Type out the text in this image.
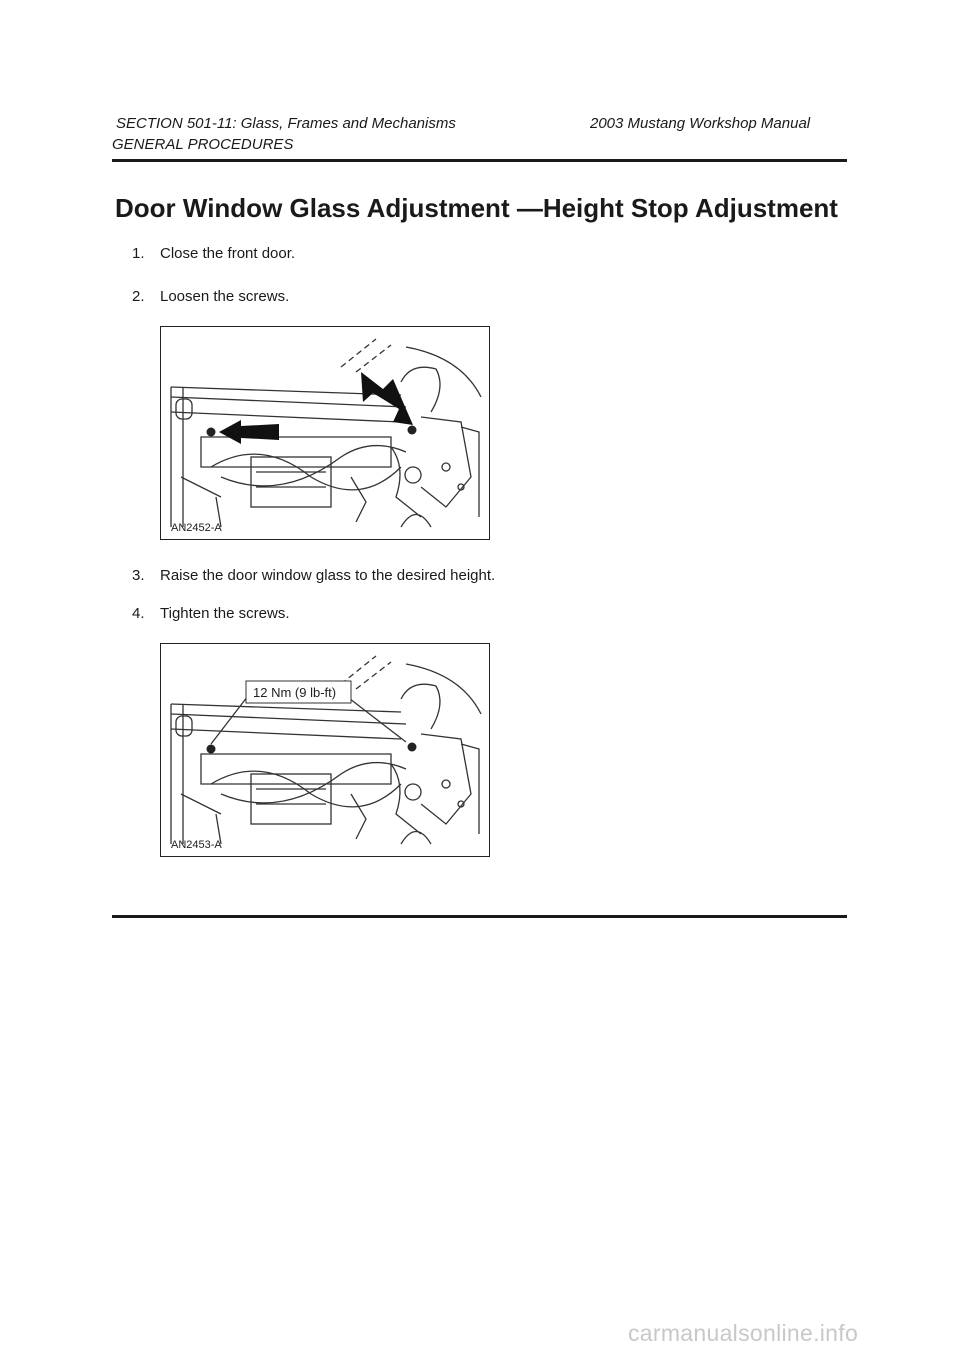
SECTION 501-11: Glass, Frames and Mechanisms	2003 Mustang Workshop Manual
GENERAL PROCEDURES
Door Window Glass Adjustment —Height Stop Adjustment
1. Close the front door.
2. Loosen the screws.
AN2452-A
3. Raise the door window glass to the desired height.
4. Tighten the screws.
12 Nm (9 lb-ft)
AN2453-A
carmanualsonline.info
